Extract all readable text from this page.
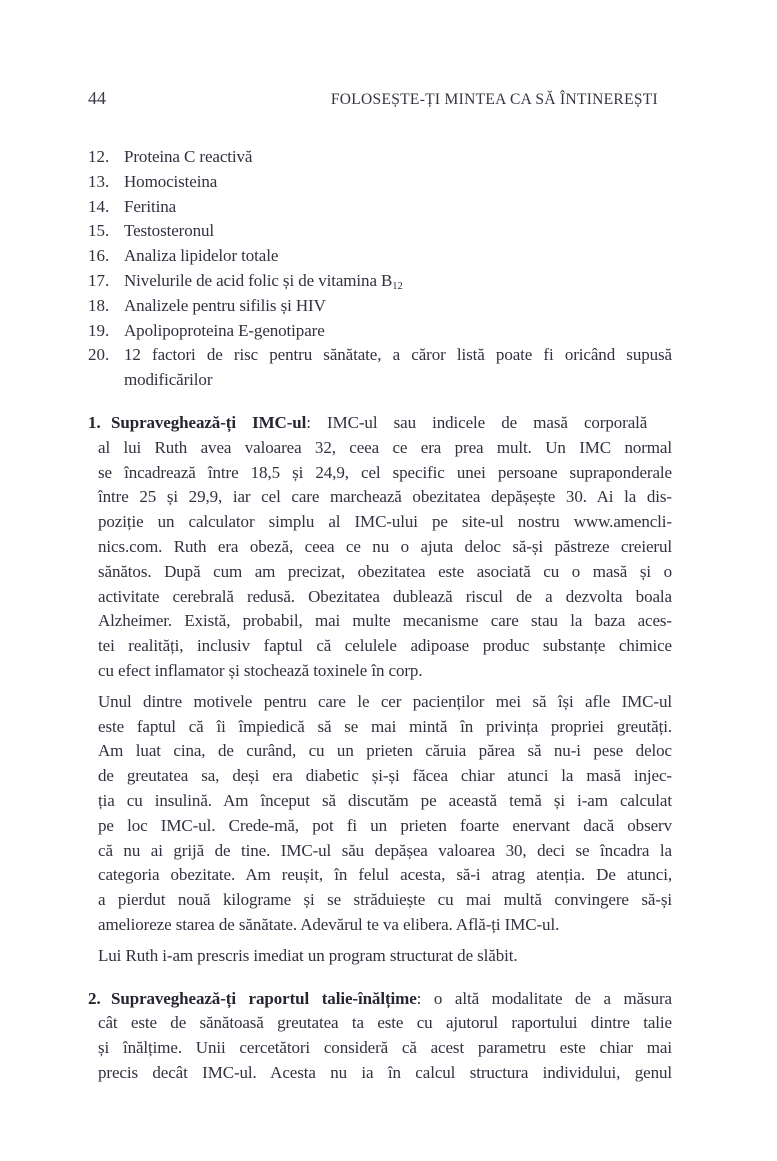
44	FOLOSEȘTE-ȚI MINTEA CA SĂ ÎNTINEREȘTI
12. Proteina C reactivă
13. Homocisteina
14. Feritina
15. Testosteronul
16. Analiza lipidelor totale
17. Nivelurile de acid folic și de vitamina $B_{12}$
18. Analizele pentru sifilis și HIV
19. Apolipoproteina E-genotipare
20. 12 factori de risc pentru sănătate, a căror listă poate fi oricând supusă
modificărilor
1. Supraveghează-ți IMC-ul: IMC-ul sau indicele de masă corporală
al lui Ruth avea valoarea 32, ceea ce era prea mult. Un IMC normal
se încadrează între 18,5 și 24,9, cel specific unei persoane supraponderale
între 25 și 29,9, iar cel care marchează obezitatea depășește 30. Ai la dis-
poziție un calculator simplu al IMC-ului pe site-ul nostru www.amencli-
nics.com. Ruth era obeză, ceea ce nu o ajuta deloc să-și păstreze creierul
sănătos. După cum am precizat, obezitatea este asociată cu o masă și o
activitate cerebrală redusă. Obezitatea dublează riscul de a dezvolta boala
Alzheimer. Există, probabil, mai multe mecanisme care stau la baza aces-
tei realități, inclusiv faptul că celulele adipoase produc substanțe chimice
cu efect inflamator și stochează toxinele în corp.
Unul dintre motivele pentru care le cer pacienților mei să își afle IMC-ul
este faptul că îi împiedică să se mai mintă în privința propriei greutăți.
Am luat cina, de curând, cu un prieten căruia părea să nu-i pese deloc
de greutatea sa, deși era diabetic și-și făcea chiar atunci la masă injec-
ția cu insulină. Am început să discutăm pe această temă și i-am calculat
pe loc IMC-ul. Crede-mă, pot fi un prieten foarte enervant dacă observ
că nu ai grijă de tine. IMC-ul său depășea valoarea 30, deci se încadra la
categoria obezitate. Am reușit, în felul acesta, să-i atrag atenția. De atunci,
a pierdut nouă kilograme și se străduiește cu mai multă convingere să-și
amelioreze starea de sănătate. Adevărul te va elibera. Află-ți IMC-ul.
Lui Ruth i-am prescris imediat un program structurat de slăbit.
2. Supraveghează-ți raportul talie-înălțime: o altă modalitate de a măsura
cât este de sănătoasă greutatea ta este cu ajutorul raportului dintre talie
și înălțime. Unii cercetători consideră că acest parametru este chiar mai
precis decât IMC-ul. Acesta nu ia în calcul structura individului, genul
